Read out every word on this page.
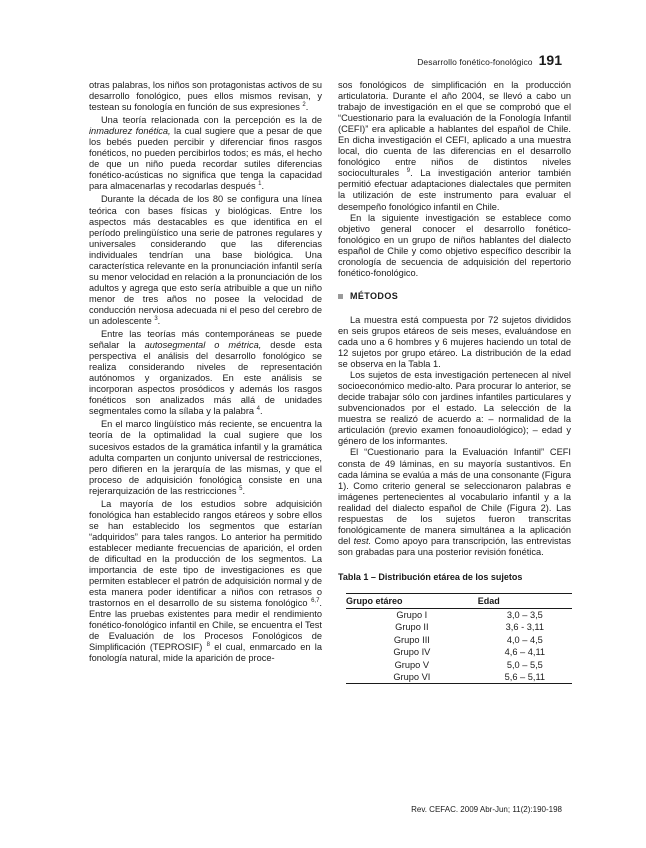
Desarrollo fonético-fonológico 191

otras palabras, los niños son protagonistas activos de su desarrollo fonológico, pues ellos mismos revisan, y testean su fonología en función de sus expresiones $^2$.

Una teoría relacionada con la percepción es la de inmadurez fonética, la cual sugiere que a pesar de que los bebés pueden percibir y diferenciar finos rasgos fonéticos, no pueden percibirlos todos; es más, el hecho de que un niño pueda recordar sutiles diferencias fonético-acústicas no significa que tenga la capacidad para almacenarlas y recodarlas después $^1$.

Durante la década de los 80 se configura una línea teórica con bases físicas y biológicas. Entre los aspectos más destacables es que identifica en el período prelingüístico una serie de patrones regulares y universales considerando que las diferencias individuales tendrían una base biológica. Una característica relevante en la pronunciación infantil sería su menor velocidad en relación a la pronunciación de los adultos y agrega que esto sería atribuible a que un niño menor de tres años no posee la velocidad de conducción nerviosa adecuada ni el peso del cerebro de un adolescente $^3$.

Entre las teorías más contemporáneas se puede señalar la autosegmental o métrica, desde esta perspectiva el análisis del desarrollo fonológico se realiza considerando niveles de representación autónomos y organizados. En este análisis se incorporan aspectos prosódicos y además los rasgos fonéticos son analizados más allá de unidades segmentales como la sílaba y la palabra $^4$.

En el marco lingüístico más reciente, se encuentra la teoría de la optimalidad la cual sugiere que los sucesivos estados de la gramática infantil y la gramática adulta comparten un conjunto universal de restricciones, pero difieren en la jerarquía de las mismas, y que el proceso de adquisición fonológica consiste en una rejerarquización de las restricciones $^5$.

La mayoría de los estudios sobre adquisición fonológica han establecido rangos etáreos y sobre ellos se han establecido los segmentos que estarían “adquiridos” para tales rangos. Lo anterior ha permitido establecer mediante frecuencias de aparición, el orden de dificultad en la producción de los segmentos. La importancia de este tipo de investigaciones es que permiten establecer el patrón de adquisición normal y de esta manera poder identificar a niños con retrasos o trastornos en el desarrollo de su sistema fonológico $^{6,7}$. Entre las pruebas existentes para medir el rendimiento fonético-fonológico infantil en Chile, se encuentra el Test de Evaluación de los Procesos Fonológicos de Simplificación (TEPROSIF) $^8$ el cual, enmarcado en la fonología natural, mide la aparición de proce-

sos fonológicos de simplificación en la producción articulatoria. Durante el año 2004, se llevó a cabo un trabajo de investigación en el que se comprobó que el “Cuestionario para la evaluación de la Fonología Infantil (CEFI)” era aplicable a hablantes del español de Chile. En dicha investigación el CEFI, aplicado a una muestra local, dio cuenta de las diferencias en el desarrollo fonológico entre niños de distintos niveles socioculturales $^9$. La investigación anterior también permitió efectuar adaptaciones dialectales que permiten la utilización de este instrumento para evaluar el desempeño fonológico infantil en Chile.

En la siguiente investigación se establece como objetivo general conocer el desarrollo fonético-fonológico en un grupo de niños hablantes del dialecto español de Chile y como objetivo específico describir la cronología de secuencia de adquisición del repertorio fonético-fonológico.

MÉTODOS

La muestra está compuesta por 72 sujetos divididos en seis grupos etáreos de seis meses, evaluándose en cada uno a 6 hombres y 6 mujeres haciendo un total de 12 sujetos por grupo etáreo. La distribución de la edad se observa en la Tabla 1.

Los sujetos de esta investigación pertenecen al nivel socioeconómico medio-alto. Para procurar lo anterior, se decide trabajar sólo con jardines infantiles particulares y subvencionados por el estado. La selección de la muestra se realizó de acuerdo a: – normalidad de la articulación (previo examen fonoaudiológico); – edad y género de los informantes.

El “Cuestionario para la Evaluación Infantil” CEFI consta de 49 láminas, en su mayoría sustantivos. En cada lámina se evalúa a más de una consonante (Figura 1). Como criterio general se seleccionaron palabras e imágenes pertenecientes al vocabulario infantil y a la realidad del dialecto español de Chile (Figura 2). Las respuestas de los sujetos fueron transcritas fonológicamente de manera simultánea a la aplicación del test. Como apoyo para transcripción, las entrevistas son grabadas para una posterior revisión fonética.

Tabla 1 – Distribución etárea de los sujetos
Grupo etáreo	Edad
Grupo I	3,0 – 3,5
Grupo II	3,6 - 3,11
Grupo III	4,0 – 4,5
Grupo IV	4,6 – 4,11
Grupo V	5,0 – 5,5
Grupo VI	5,6 – 5,11
Rev. CEFAC. 2009 Abr-Jun; 11(2):190-198
